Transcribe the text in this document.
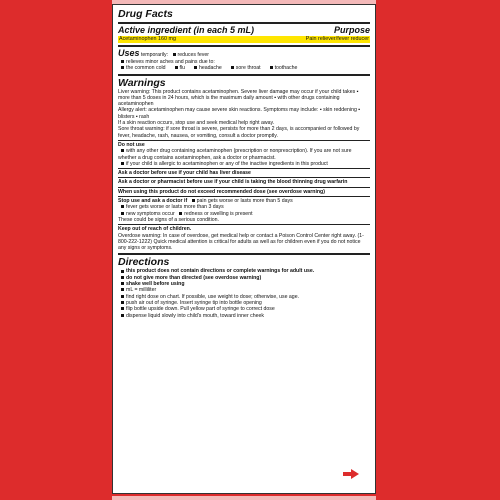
Drug Facts
Active ingredient (in each 5 mL)	Purpose
Acetaminophen 160 mg	Pain reliever/fever reducer
Uses temporarily: reduces fever
relieves minor aches and pains due to:
the common cold	flu	headache	sore throat	toothache
Warnings
Liver warning: This product contains acetaminophen. Severe liver damage may occur if your child takes ▪ more than 5 doses in 24 hours, which is the maximum daily amount ▪ with other drugs containing acetaminophen
Allergy alert: acetaminophen may cause severe skin reactions. Symptoms may include: ▪ skin reddening ▪ blisters ▪ rash
If a skin reaction occurs, stop use and seek medical help right away.
Sore throat warning: if sore throat is severe, persists for more than 2 days, is accompanied or followed by fever, headache, rash, nausea, or vomiting, consult a doctor promptly.
Do not use
with any other drug containing acetaminophen (prescription or nonprescription). If you are not sure whether a drug contains acetaminophen, ask a doctor or pharmacist.
if your child is allergic to acetaminophen or any of the inactive ingredients in this product
Ask a doctor before use if your child has liver disease
Ask a doctor or pharmacist before use if your child is taking the blood thinning drug warfarin
When using this product do not exceed recommended dose (see overdose warning)
Stop use and ask a doctor if pain gets worse or lasts more than 5 days
fever gets worse or lasts more than 3 days
new symptoms occur redness or swelling is present
These could be signs of a serious condition.
Keep out of reach of children.
Overdose warning: In case of overdose, get medical help or contact a Poison Control Center right away. (1-800-222-1222) Quick medical attention is critical for adults as well as for children even if you do not notice any signs or symptoms.
Directions
this product does not contain directions or complete warnings for adult use.
do not give more than directed (see overdose warning)
shake well before using
mL = milliliter
find right dose on chart. If possible, use weight to dose; otherwise, use age.
push air out of syringe. Insert syringe tip into bottle opening
flip bottle upside down. Pull yellow part of syringe to correct dose
dispense liquid slowly into child's mouth, toward inner cheek
